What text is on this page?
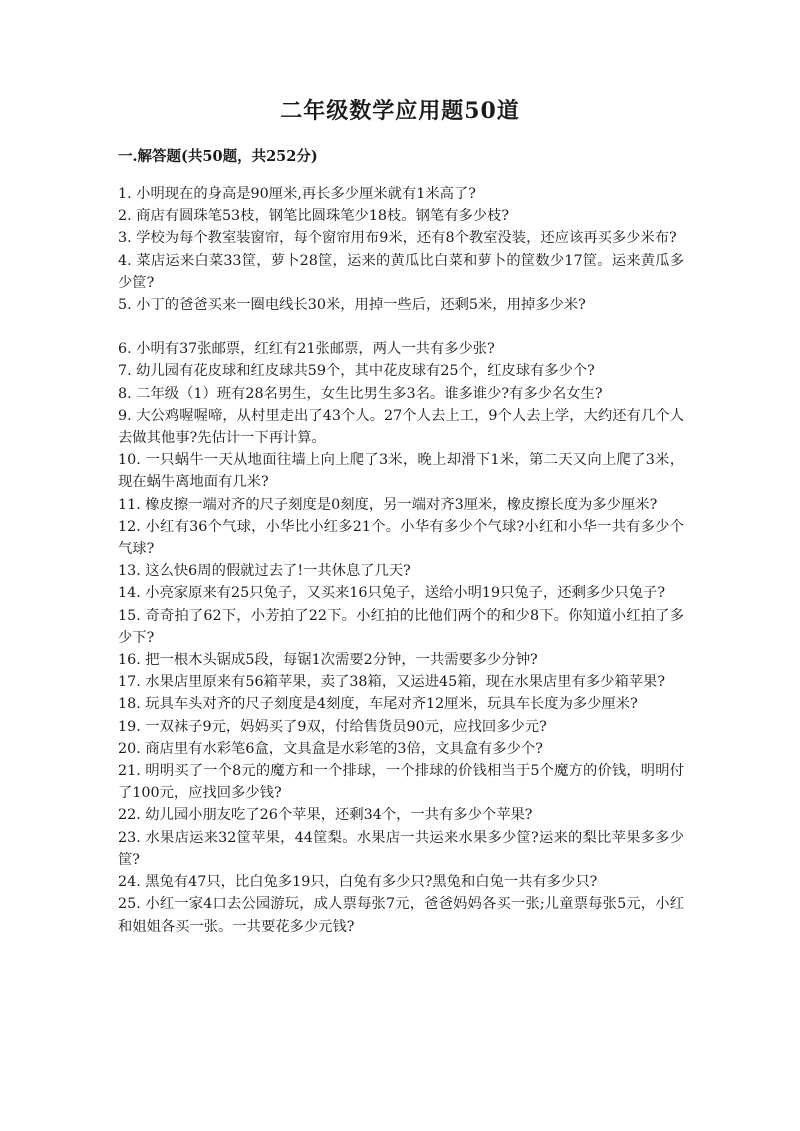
二年级数学应用题50道
一.解答题(共50题，共252分)

1. 小明现在的身高是90厘米,再长多少厘米就有1米高了?

2. 商店有圆珠笔53枝，钢笔比圆珠笔少18枝。钢笔有多少枝?

3. 学校为每个教室装窗帘，每个窗帘用布9米，还有8个教室没装，还应该再买多少米布?

4. 菜店运来白菜33筐，萝卜28筐，运来的黄瓜比白菜和萝卜的筐数少17筐。运来黄瓜多少筐?

5. 小丁的爸爸买来一圈电线长30米，用掉一些后，还剩5米，用掉多少米?

6. 小明有37张邮票，红红有21张邮票，两人一共有多少张?

7. 幼儿园有花皮球和红皮球共59个，其中花皮球有25个，红皮球有多少个?

8. 二年级（1）班有28名男生，女生比男生多3名。谁多谁少?有多少名女生?

9. 大公鸡喔喔啼，从村里走出了43个人。27个人去上工，9个人去上学，大约还有几个人去做其他事?先估计一下再计算。

10. 一只蜗牛一天从地面往墙上向上爬了3米，晚上却滑下1米，第二天又向上爬了3米，现在蜗牛离地面有几米?

11. 橡皮擦一端对齐的尺子刻度是0刻度，另一端对齐3厘米，橡皮擦长度为多少厘米?

12. 小红有36个气球，小华比小红多21个。小华有多少个气球?小红和小华一共有多少个气球?

13. 这么快6周的假就过去了!一共休息了几天?

14. 小亮家原来有25只兔子，又买来16只兔子，送给小明19只兔子，还剩多少只兔子?

15. 奇奇拍了62下，小芳拍了22下。小红拍的比他们两个的和少8下。你知道小红拍了多少下?

16. 把一根木头锯成5段，每锯1次需要2分钟，一共需要多少分钟?

17. 水果店里原来有56箱苹果，卖了38箱，又运进45箱，现在水果店里有多少箱苹果?

18. 玩具车头对齐的尺子刻度是4刻度，车尾对齐12厘米，玩具车长度为多少厘米?

19. 一双袜子9元，妈妈买了9双，付给售货员90元，应找回多少元?

20. 商店里有水彩笔6盒，文具盒是水彩笔的3倍，文具盒有多少个?

21. 明明买了一个8元的魔方和一个排球，一个排球的价钱相当于5个魔方的价钱，明明付了100元，应找回多少钱?

22. 幼儿园小朋友吃了26个苹果，还剩34个，一共有多少个苹果?

23. 水果店运来32筐苹果，44筐梨。水果店一共运来水果多少筐?运来的梨比苹果多多少筐?

24. 黑兔有47只，比白兔多19只，白兔有多少只?黑兔和白兔一共有多少只?

25. 小红一家4口去公园游玩，成人票每张7元，爸爸妈妈各买一张;儿童票每张5元，小红和姐姐各买一张。一共要花多少元钱?
